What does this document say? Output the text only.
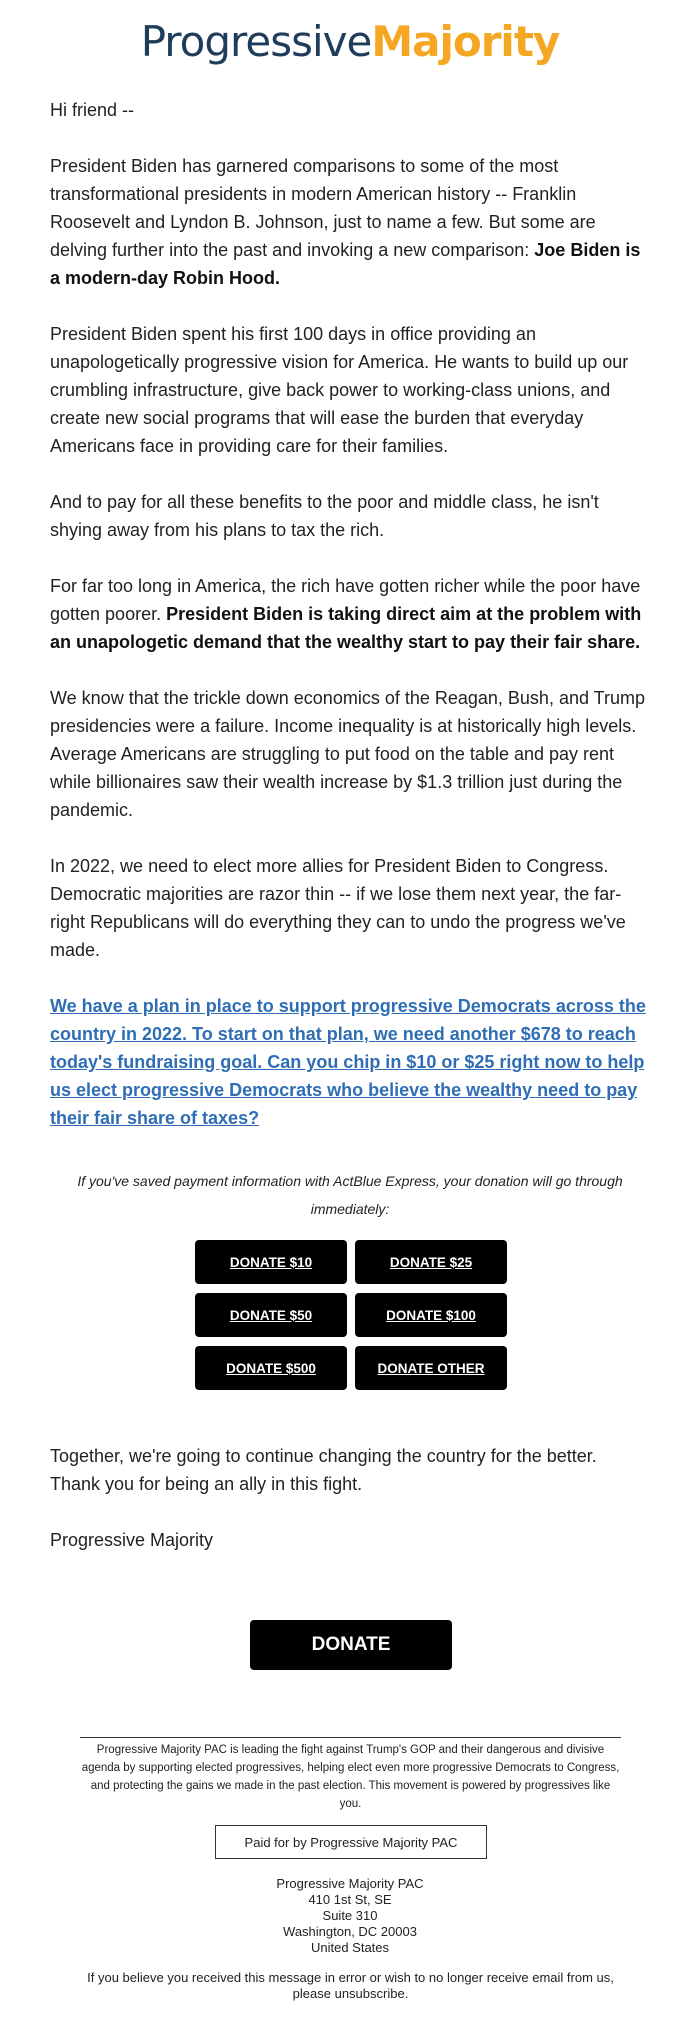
ProgressiveMajority

Hi friend --

President Biden has garnered comparisons to some of the most transformational presidents in modern American history -- Franklin Roosevelt and Lyndon B. Johnson, just to name a few. But some are delving further into the past and invoking a new comparison: Joe Biden is a modern-day Robin Hood.

President Biden spent his first 100 days in office providing an unapologetically progressive vision for America. He wants to build up our crumbling infrastructure, give back power to working-class unions, and create new social programs that will ease the burden that everyday Americans face in providing care for their families.

And to pay for all these benefits to the poor and middle class, he isn't shying away from his plans to tax the rich.

For far too long in America, the rich have gotten richer while the poor have gotten poorer. President Biden is taking direct aim at the problem with an unapologetic demand that the wealthy start to pay their fair share.

We know that the trickle down economics of the Reagan, Bush, and Trump presidencies were a failure. Income inequality is at historically high levels. Average Americans are struggling to put food on the table and pay rent while billionaires saw their wealth increase by $1.3 trillion just during the pandemic.

In 2022, we need to elect more allies for President Biden to Congress. Democratic majorities are razor thin -- if we lose them next year, the far-right Republicans will do everything they can to undo the progress we've made.

We have a plan in place to support progressive Democrats across the country in 2022. To start on that plan, we need another $678 to reach today's fundraising goal. Can you chip in $10 or $25 right now to help us elect progressive Democrats who believe the wealthy need to pay their fair share of taxes?

If you've saved payment information with ActBlue Express, your donation will go through immediately:
DONATE $10	DONATE $25
DONATE $50	DONATE $100
DONATE $500	DONATE OTHER

Together, we're going to continue changing the country for the better. Thank you for being an ally in this fight.

Progressive Majority

DONATE
Progressive Majority PAC is leading the fight against Trump's GOP and their dangerous and divisive agenda by supporting elected progressives, helping elect even more progressive Democrats to Congress, and protecting the gains we made in the past election. This movement is powered by progressives like you.
Paid for by Progressive Majority PAC
Progressive Majority PAC
410 1st St, SE
Suite 310
Washington, DC 20003
United States
If you believe you received this message in error or wish to no longer receive email from us, please unsubscribe.
